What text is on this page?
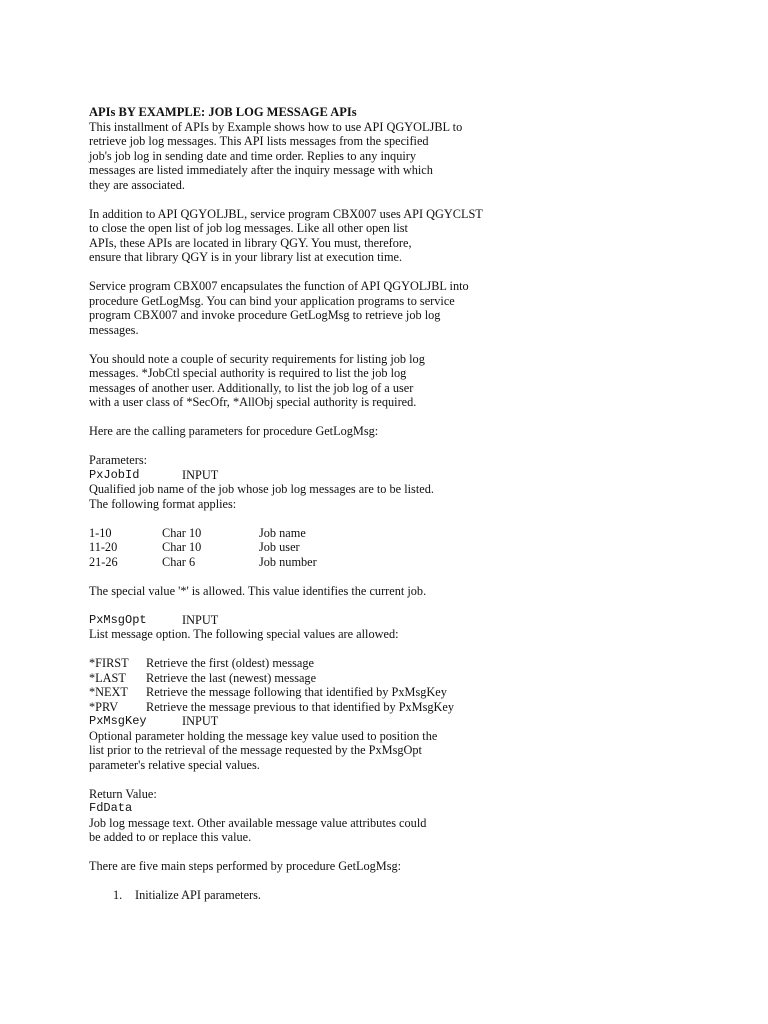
APIs BY EXAMPLE: JOB LOG MESSAGE APIs

This installment of APIs by Example shows how to use API QGYOLJBL to
retrieve job log messages. This API lists messages from the specified
job's job log in sending date and time order. Replies to any inquiry
messages are listed immediately after the inquiry message with which
they are associated.

In addition to API QGYOLJBL, service program CBX007 uses API QGYCLST
to close the open list of job log messages. Like all other open list
APIs, these APIs are located in library QGY. You must, therefore,
ensure that library QGY is in your library list at execution time.

Service program CBX007 encapsulates the function of API QGYOLJBL into
procedure GetLogMsg. You can bind your application programs to service
program CBX007 and invoke procedure GetLogMsg to retrieve job log
messages.

You should note a couple of security requirements for listing job log
messages. *JobCtl special authority is required to list the job log
messages of another user. Additionally, to list the job log of a user
with a user class of *SecOfr, *AllObj special authority is required.

Here are the calling parameters for procedure GetLogMsg:

Parameters:

PxJobId	INPUT

Qualified job name of the job whose job log messages are to be listed.
The following format applies:

1-10	Char 10	Job name
11-20	Char 10	Job user
21-26	Char 6	Job number

The special value '*' is allowed. This value identifies the current job.

PxMsgOpt	INPUT

List message option. The following special values are allowed:

*FIRST	Retrieve the first (oldest) message
*LAST	Retrieve the last (newest) message
*NEXT	Retrieve the message following that identified by PxMsgKey
*PRV	Retrieve the message previous to that identified by PxMsgKey
PxMsgKey	INPUT

Optional parameter holding the message key value used to position the
list prior to the retrieval of the message requested by the PxMsgOpt
parameter's relative special values.

Return Value:

FdData

Job log message text. Other available message value attributes could
be added to or replace this value.

There are five main steps performed by procedure GetLogMsg:

1.	Initialize API parameters.
